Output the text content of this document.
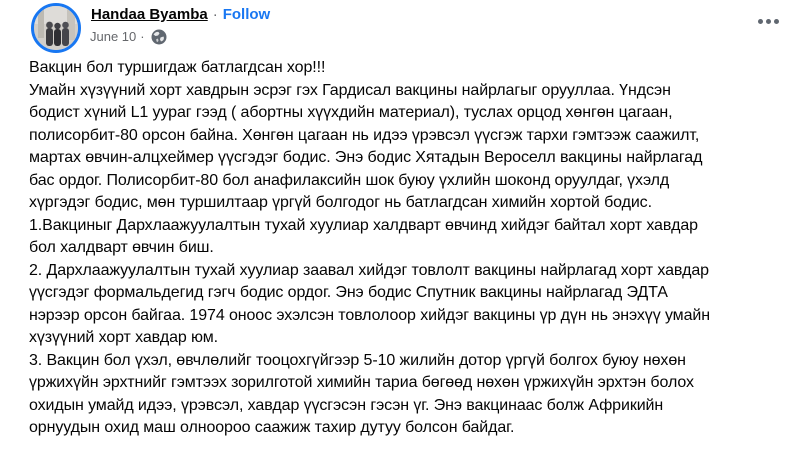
Handaa Byamba · Follow
June 10 ·
Вакцин бол туршигдаж батлагдсан хор!!!
Умайн хүзүүний хорт хавдрын эсрэг гэх Гардисал вакцины найрлагыг орууллаа. Үндсэн
бодист хүний L1 уураг гээд ( абортны хүүхдийн материал), туслах орцод хөнгөн цагаан,
полисорбит-80 орсон байна. Хөнгөн цагаан нь идээ үрэвсэл үүсгэж тархи гэмтээж саажилт,
мартах өвчин-алцхеймер үүсгэдэг бодис. Энэ бодис Хятадын Вероселл вакцины найрлагад
бас ордог. Полисорбит-80 бол анафилаксийн шок буюу үхлийн шоконд оруулдаг, үхэлд
хүргэдэг бодис, мөн туршилтаар үргүй болгодог нь батлагдсан химийн хортой бодис.
1.Вакциныг Дархлаажуулалтын тухай хуулиар халдварт өвчинд хийдэг байтал хорт хавдар
бол халдварт өвчин биш.
2. Дархлаажуулалтын тухай хуулиар заавал хийдэг товлолт вакцины найрлагад хорт хавдар
үүсгэдэг формальдегид гэгч бодис ордог. Энэ бодис Спутник вакцины найрлагад ЭДТА
нэрээр орсон байгаа. 1974 оноос эхэлсэн товлолоор хийдэг вакцины үр дүн нь энэхүү умайн
хүзүүний хорт хавдар юм.
3. Вакцин бол үхэл, өвчлөлийг тооцохгүйгээр 5-10 жилийн дотор үргүй болгох буюу нөхөн
үржихүйн эрхтнийг гэмтээх зорилготой химийн тариа бөгөөд нөхөн үржихүйн эрхтэн болох
охидын умайд идээ, үрэвсэл, хавдар үүсгэсэн гэсэн үг. Энэ вакцинаас болж Африкийн
орнуудын охид маш олноороо саажиж тахир дутуу болсон байдаг.
